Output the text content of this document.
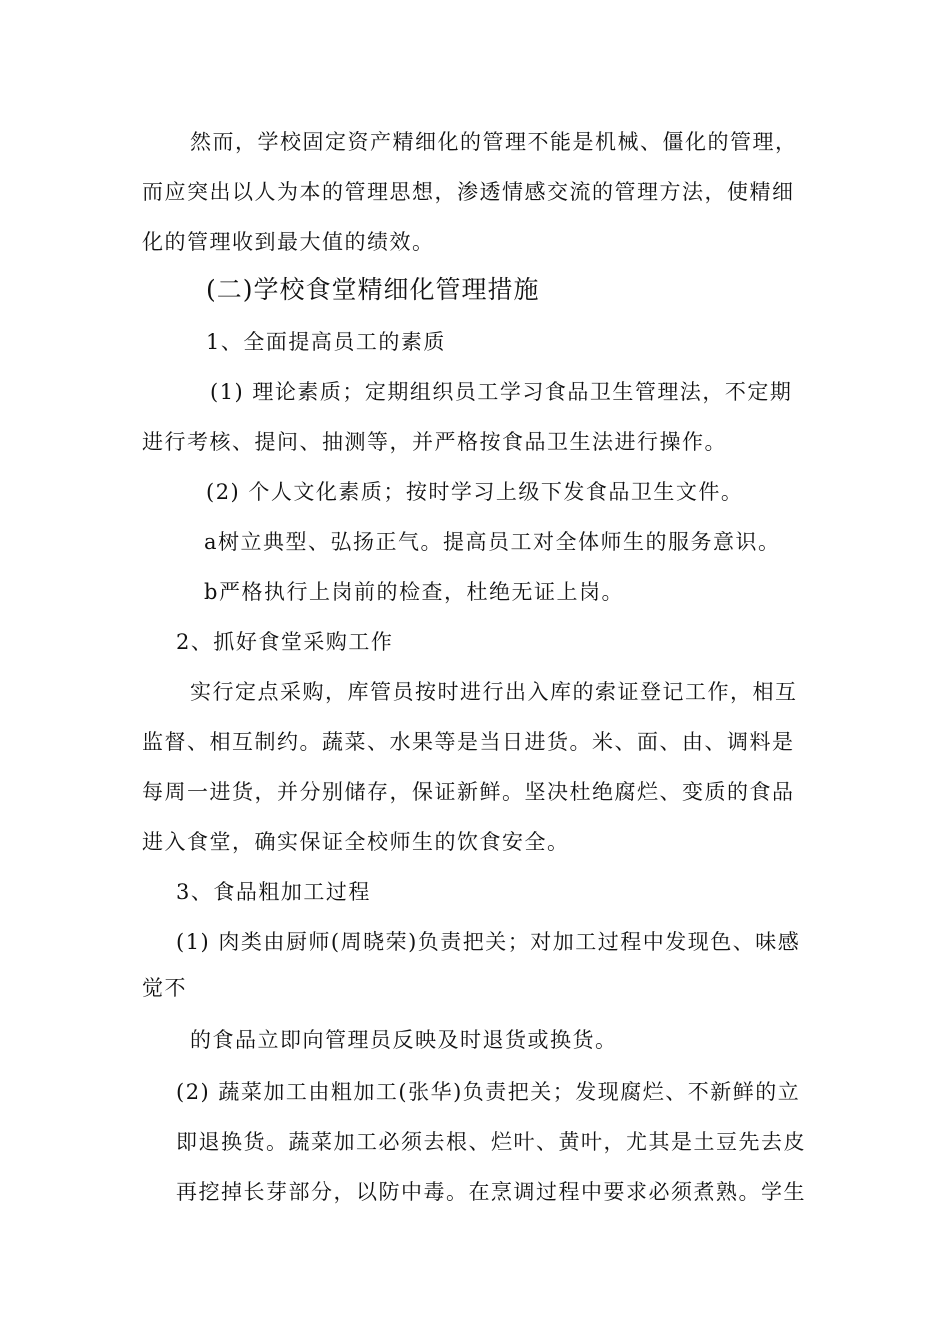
然而，学校固定资产精细化的管理不能是机械、僵化的管理，
而应突出以人为本的管理思想，渗透情感交流的管理方法，使精细
化的管理收到最大值的绩效。
(二)学校食堂精细化管理措施
1、全面提高员工的素质
(1) 理论素质；定期组织员工学习食品卫生管理法，不定期
进行考核、提问、抽测等，并严格按食品卫生法进行操作。
(2) 个人文化素质；按时学习上级下发食品卫生文件。
a树立典型、弘扬正气。提高员工对全体师生的服务意识。
b严格执行上岗前的检查，杜绝无证上岗。
2、抓好食堂采购工作
实行定点采购，库管员按时进行出入库的索证登记工作，相互
监督、相互制约。蔬菜、水果等是当日进货。米、面、由、调料是
每周一进货，并分别储存，保证新鲜。坚决杜绝腐烂、变质的食品
进入食堂，确实保证全校师生的饮食安全。
3、食品粗加工过程
(1) 肉类由厨师(周晓荣)负责把关；对加工过程中发现色、味感
觉不
的食品立即向管理员反映及时退货或换货。
(2) 蔬菜加工由粗加工(张华)负责把关；发现腐烂、不新鲜的立
即退换货。蔬菜加工必须去根、烂叶、黄叶，尤其是土豆先去皮
再挖掉长芽部分，以防中毒。在烹调过程中要求必须煮熟。学生
